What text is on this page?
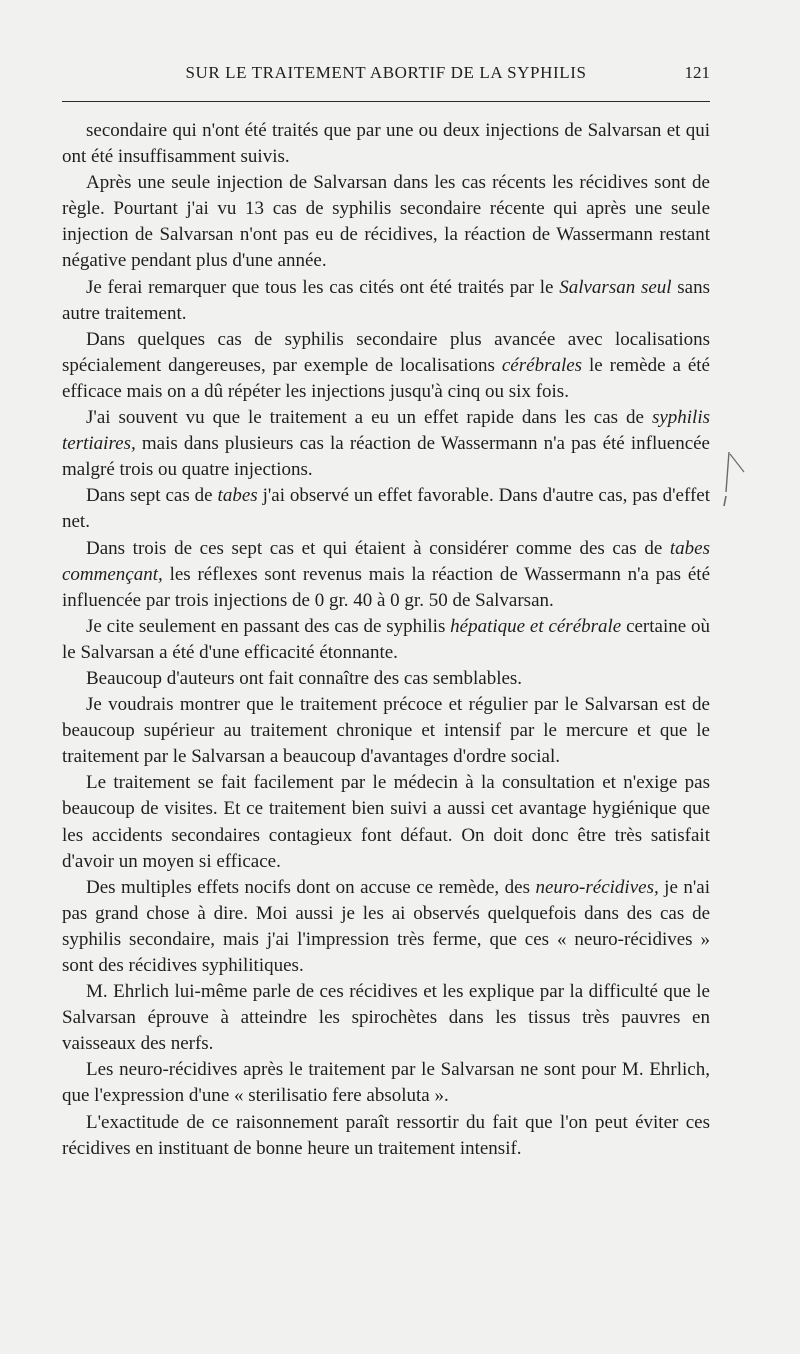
SUR LE TRAITEMENT ABORTIF DE LA SYPHILIS	121

secondaire qui n'ont été traités que par une ou deux injections de Salvarsan et qui ont été insuffisamment suivis.

Après une seule injection de Salvarsan dans les cas récents les récidives sont de règle. Pourtant j'ai vu 13 cas de syphilis secondaire récente qui après une seule injection de Salvarsan n'ont pas eu de récidives, la réaction de Wassermann restant négative pendant plus d'une année.

Je ferai remarquer que tous les cas cités ont été traités par le Salvarsan seul sans autre traitement.

Dans quelques cas de syphilis secondaire plus avancée avec localisations spécialement dangereuses, par exemple de localisations cérébrales le remède a été efficace mais on a dû répéter les injections jusqu'à cinq ou six fois.

J'ai souvent vu que le traitement a eu un effet rapide dans les cas de syphilis tertiaires, mais dans plusieurs cas la réaction de Wassermann n'a pas été influencée malgré trois ou quatre injections.

Dans sept cas de tabes j'ai observé un effet favorable. Dans d'autre cas, pas d'effet net.

Dans trois de ces sept cas et qui étaient à considérer comme des cas de tabes commençant, les réflexes sont revenus mais la réaction de Wassermann n'a pas été influencée par trois injections de 0 gr. 40 à 0 gr. 50 de Salvarsan.

Je cite seulement en passant des cas de syphilis hépatique et cérébrale certaine où le Salvarsan a été d'une efficacité étonnante.

Beaucoup d'auteurs ont fait connaître des cas semblables.

Je voudrais montrer que le traitement précoce et régulier par le Salvarsan est de beaucoup supérieur au traitement chronique et intensif par le mercure et que le traitement par le Salvarsan a beaucoup d'avantages d'ordre social.

Le traitement se fait facilement par le médecin à la consultation et n'exige pas beaucoup de visites. Et ce traitement bien suivi a aussi cet avantage hygiénique que les accidents secondaires contagieux font défaut. On doit donc être très satisfait d'avoir un moyen si efficace.

Des multiples effets nocifs dont on accuse ce remède, des neuro-récidives, je n'ai pas grand chose à dire. Moi aussi je les ai observés quelquefois dans des cas de syphilis secondaire, mais j'ai l'impression très ferme, que ces « neuro-récidives » sont des récidives syphilitiques.

M. Ehrlich lui-même parle de ces récidives et les explique par la difficulté que le Salvarsan éprouve à atteindre les spirochètes dans les tissus très pauvres en vaisseaux des nerfs.

Les neuro-récidives après le traitement par le Salvarsan ne sont pour M. Ehrlich, que l'expression d'une « sterilisatio fere absoluta ».

L'exactitude de ce raisonnement paraît ressortir du fait que l'on peut éviter ces récidives en instituant de bonne heure un traitement intensif.
